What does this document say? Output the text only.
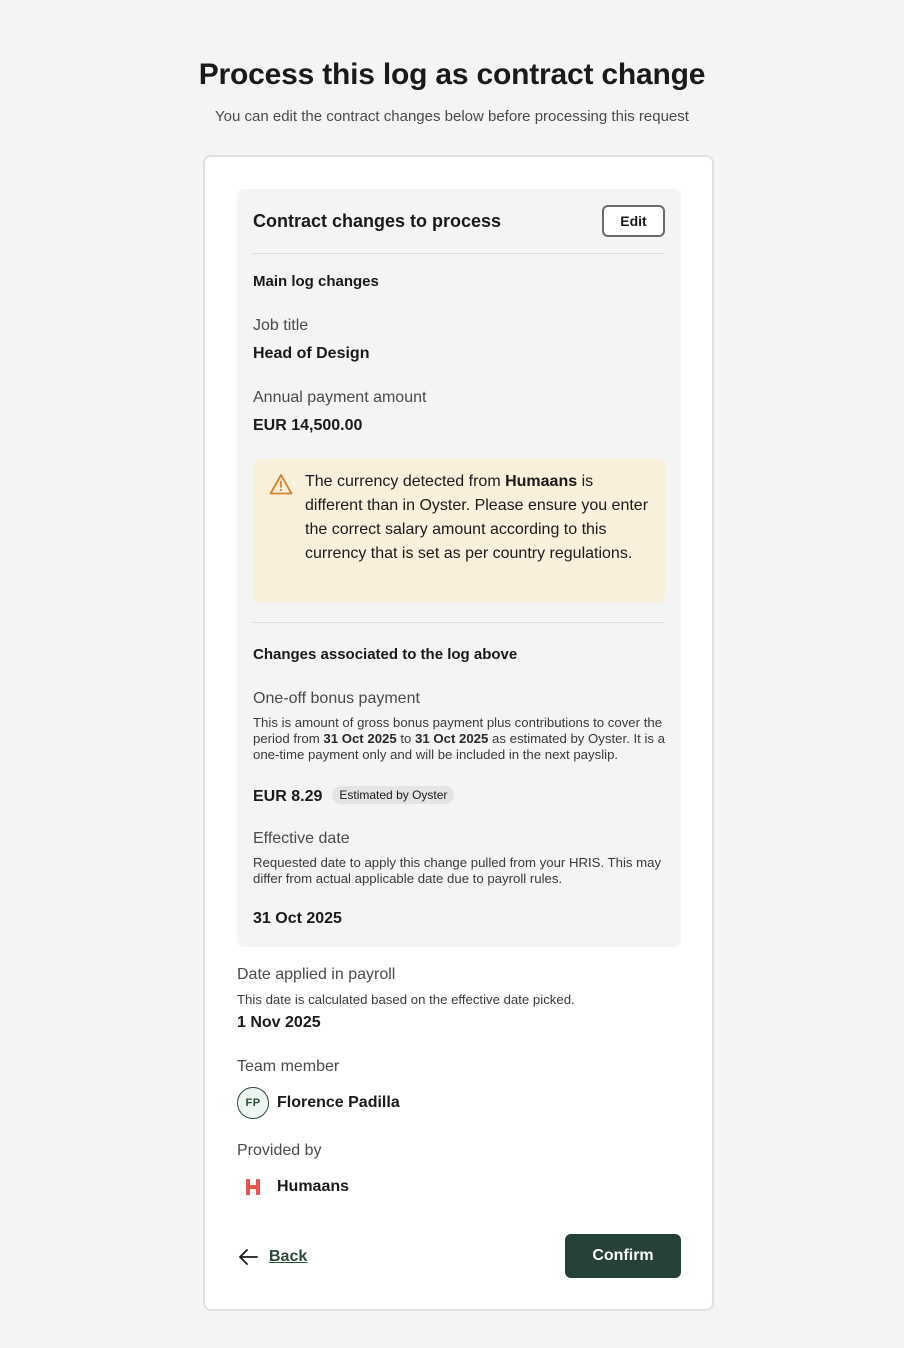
Process this log as contract change
You can edit the contract changes below before processing this request
Contract changes to process	Edit
Main log changes
Job title
Head of Design
Annual payment amount
EUR 14,500.00
The currency detected from Humaans is different than in Oyster. Please ensure you enter the correct salary amount according to this currency that is set as per country regulations.
Changes associated to the log above
One-off bonus payment
This is amount of gross bonus payment plus contributions to cover the period from 31 Oct 2025 to 31 Oct 2025 as estimated by Oyster. It is a one-time payment only and will be included in the next payslip.
EUR 8.29 Estimated by Oyster
Effective date
Requested date to apply this change pulled from your HRIS. This may differ from actual applicable date due to payroll rules.
31 Oct 2025
Date applied in payroll
This date is calculated based on the effective date picked.
1 Nov 2025
Team member
FP	Florence Padilla
Provided by
Humaans
Back	Confirm
